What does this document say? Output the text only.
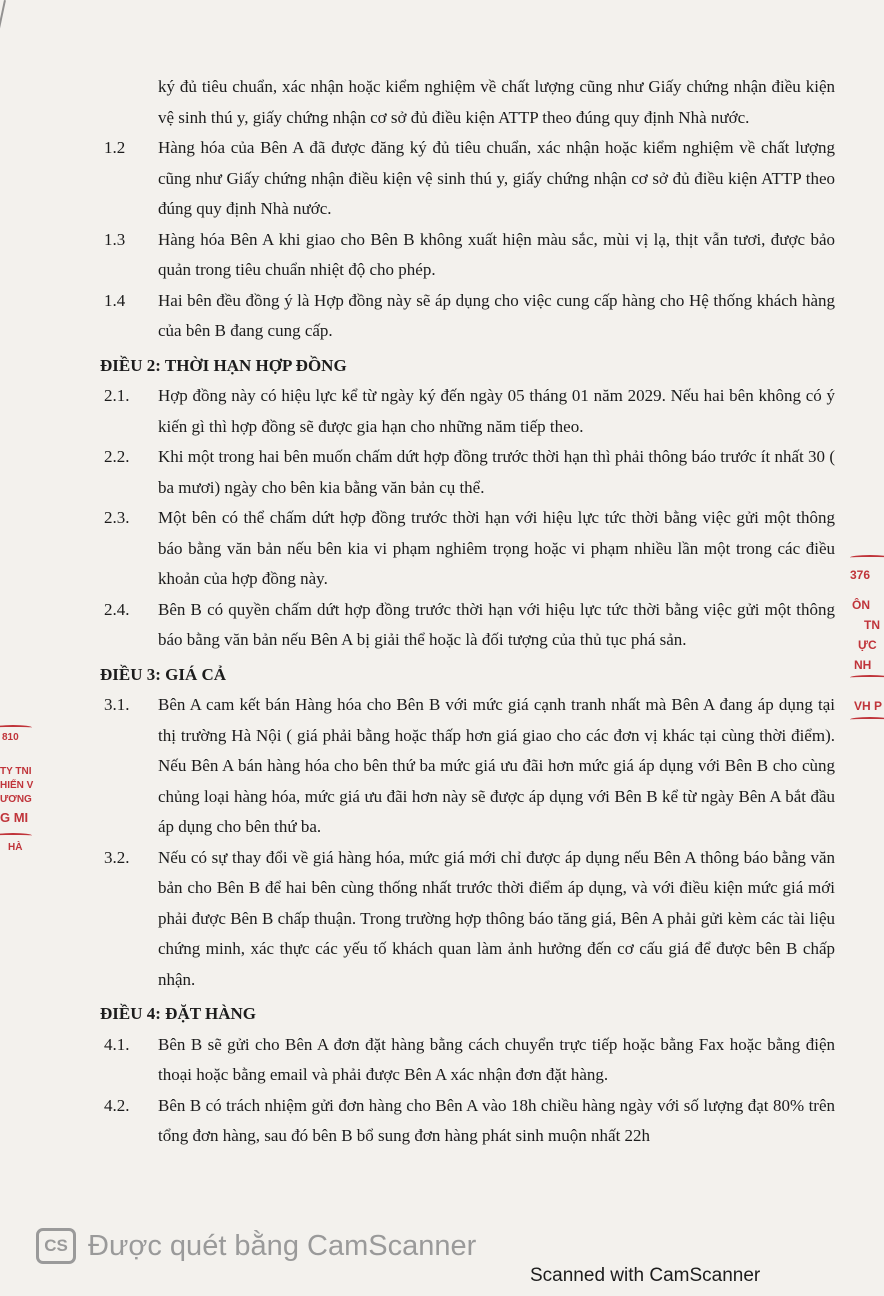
ký đủ tiêu chuẩn, xác nhận hoặc kiểm nghiệm về chất lượng cũng như Giấy chứng nhận điều kiện vệ sinh thú y, giấy chứng nhận cơ sở đủ điều kiện ATTP theo đúng quy định Nhà nước.
1.2	Hàng hóa của Bên A đã được đăng ký đủ tiêu chuẩn, xác nhận hoặc kiểm nghiệm về chất lượng cũng như Giấy chứng nhận điều kiện vệ sinh thú y, giấy chứng nhận cơ sở đủ điều kiện ATTP theo đúng quy định Nhà nước.
1.3	Hàng hóa Bên A khi giao cho Bên B không xuất hiện màu sắc, mùi vị lạ, thịt vẫn tươi, được bảo quản trong tiêu chuẩn nhiệt độ cho phép.
1.4	Hai bên đều đồng ý là Hợp đồng này sẽ áp dụng cho việc cung cấp hàng cho Hệ thống khách hàng của bên B đang cung cấp.
ĐIỀU 2: THỜI HẠN HỢP ĐỒNG
2.1.	Hợp đồng này có hiệu lực kể từ ngày ký đến ngày 05 tháng 01 năm 2029. Nếu hai bên không có ý kiến gì thì hợp đồng sẽ được gia hạn cho những năm tiếp theo.
2.2.	Khi một trong hai bên muốn chấm dứt hợp đồng trước thời hạn thì phải thông báo trước ít nhất 30 ( ba mươi) ngày cho bên kia bằng văn bản cụ thể.
2.3.	Một bên có thể chấm dứt hợp đồng trước thời hạn với hiệu lực tức thời bằng việc gửi một thông báo bằng văn bản nếu bên kia vi phạm nghiêm trọng hoặc vi phạm nhiều lần một trong các điều khoản của hợp đồng này.
2.4.	Bên B có quyền chấm dứt hợp đồng trước thời hạn với hiệu lực tức thời bằng việc gửi một thông báo bằng văn bản nếu Bên A bị giải thể hoặc là đối tượng của thủ tục phá sản.
ĐIỀU 3: GIÁ CẢ
3.1.	Bên A cam kết bán Hàng hóa cho Bên B với mức giá cạnh tranh nhất mà Bên A đang áp dụng tại thị trường Hà Nội ( giá phải bằng hoặc thấp hơn giá giao cho các đơn vị khác tại cùng thời điểm). Nếu Bên A bán hàng hóa cho bên thứ ba mức giá ưu đãi hơn mức giá áp dụng với Bên B cho cùng chủng loại hàng hóa, mức giá ưu đãi hơn này sẽ được áp dụng với Bên B kể từ ngày Bên A bắt đầu áp dụng cho bên thứ ba.
3.2.	Nếu có sự thay đổi về giá hàng hóa, mức giá mới chỉ được áp dụng nếu Bên A thông báo bằng văn bản cho Bên B để hai bên cùng thống nhất trước thời điểm áp dụng, và với điều kiện mức giá mới phải được Bên B chấp thuận. Trong trường hợp thông báo tăng giá, Bên A phải gửi kèm các tài liệu chứng minh, xác thực các yếu tố khách quan làm ảnh hưởng đến cơ cấu giá để được bên B chấp nhận.
ĐIỀU 4: ĐẶT HÀNG
4.1.	Bên B sẽ gửi cho Bên A đơn đặt hàng bằng cách chuyển trực tiếp hoặc bằng Fax hoặc bằng điện thoại hoặc bằng email và phải được Bên A xác nhận đơn đặt hàng.
4.2.	Bên B có trách nhiệm gửi đơn hàng cho Bên A vào 18h chiều hàng ngày với số lượng đạt 80% trên tổng đơn hàng, sau đó bên B bổ sung đơn hàng phát sinh muộn nhất 22h
376
ÔN
TN
ỰC
NH
VH P
810
TY TNI
HIỂN V
ƯƠNG
G MI
HÀ
CS Được quét bằng CamScanner
Scanned with CamScanner
